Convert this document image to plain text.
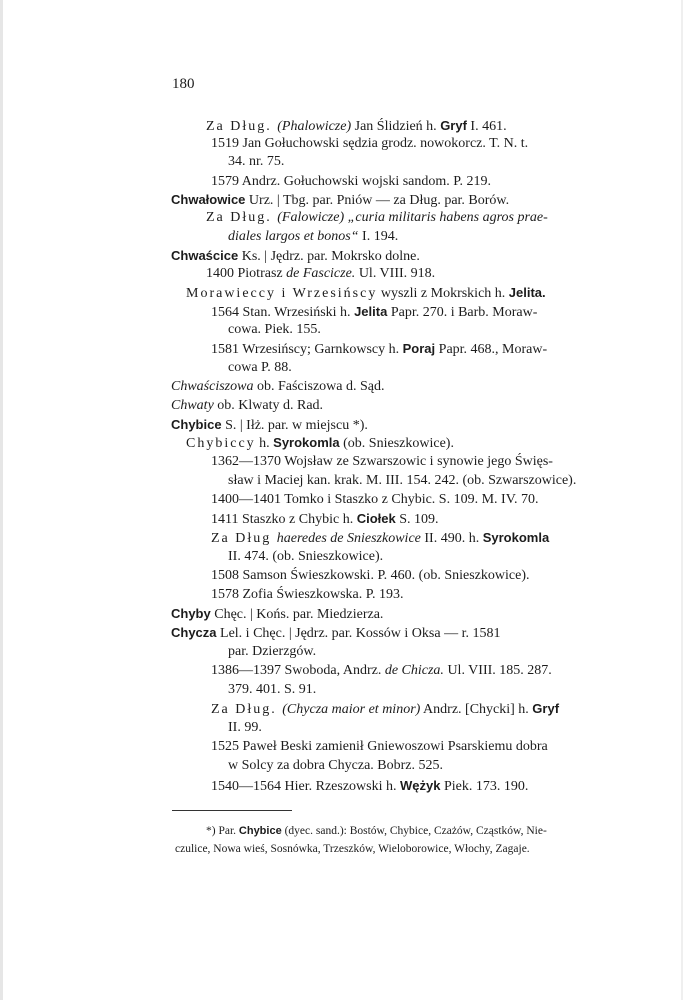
180
Za Dług. (Phalowicze) Jan Ślidzień h. Gryf I. 461.
1519 Jan Gołuchowski sędzia grodz. nowokorcz. T. N. t.
34. nr. 75.
1579 Andrz. Gołuchowski wojski sandom. P. 219.
Chwałowice Urz. | Tbg. par. Pniów — za Dług. par. Borów.
Za Dług. (Falowicze) „curia militaris habens agros prae-
diales largos et bonos“ I. 194.
Chwaścice Ks. | Jędrz. par. Mokrsko dolne.
1400 Piotrasz de Fascicze. Ul. VIII. 918.
Morawieccy i Wrzesińscy wyszli z Mokrskich h. Jelita.
1564 Stan. Wrzesiński h. Jelita Papr. 270. i Barb. Moraw-
cowa. Piek. 155.
1581 Wrzesińscy; Garnkowscy h. Poraj Papr. 468., Moraw-
cowa P. 88.
Chwaściszowa ob. Faściszowa d. Sąd.
Chwaty ob. Klwaty d. Rad.
Chybice S. | Iłż. par. w miejscu *).
Chybiccy h. Syrokomla (ob. Snieszkowice).
1362—1370 Wojsław ze Szwarszowic i synowie jego Święs-
sław i Maciej kan. krak. M. III. 154. 242. (ob. Szwarszowice).
1400—1401 Tomko i Staszko z Chybic. S. 109. M. IV. 70.
1411 Staszko z Chybic h. Ciołek S. 109.
Za Dług haeredes de Snieszkowice II. 490. h. Syrokomla
II. 474. (ob. Snieszkowice).
1508 Samson Świeszkowski. P. 460. (ob. Snieszkowice).
1578 Zofia Świeszkowska. P. 193.
Chyby Chęc. | Końs. par. Miedzierza.
Chycza Lel. i Chęc. | Jędrz. par. Kossów i Oksa — r. 1581
par. Dzierzgów.
1386—1397 Swoboda, Andrz. de Chicza. Ul. VIII. 185. 287.
379. 401. S. 91.
Za Dług. (Chycza maior et minor) Andrz. [Chycki] h. Gryf
II. 99.
1525 Paweł Beski zamienił Gniewoszowi Psarskiemu dobra
w Solcy za dobra Chycza. Bobrz. 525.
1540—1564 Hier. Rzeszowski h. Wężyk Piek. 173. 190.
*) Par. Chybice (dyec. sand.): Bostów, Chybice, Czażów, Cząstków, Nie-
czulice, Nowa wieś, Sosnówka, Trzeszków, Wieloborowice, Włochy, Zagaje.
